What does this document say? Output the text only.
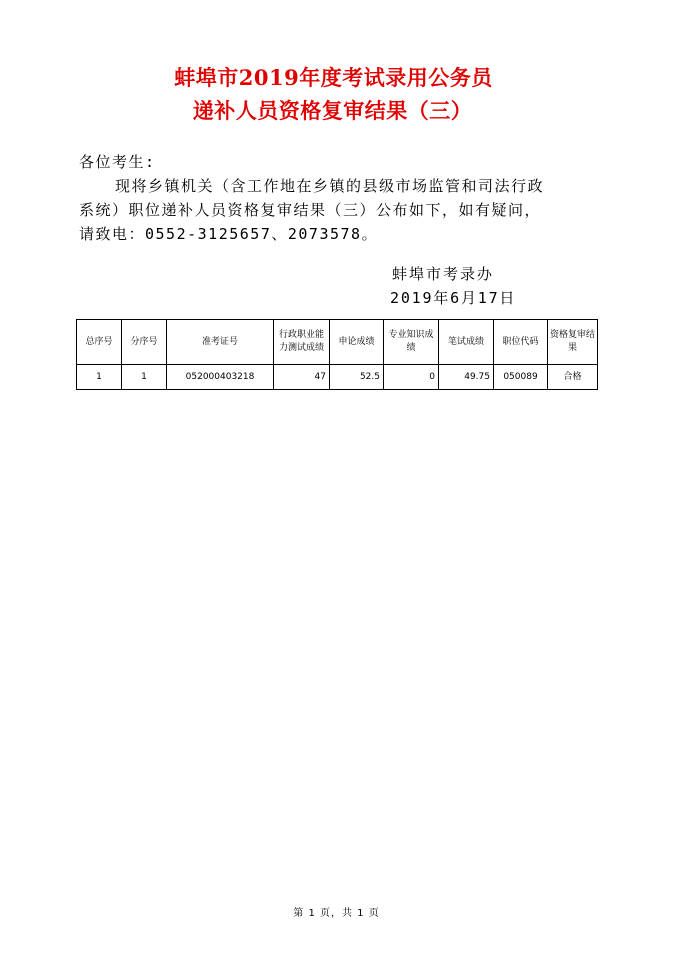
蚌埠市2019年度考试录用公务员
递补人员资格复审结果（三）
各位考生:
现将乡镇机关（含工作地在乡镇的县级市场监管和司法行政
系统）职位递补人员资格复审结果（三）公布如下，如有疑问，
请致电：0552-3125657、2073578。
蚌埠市考录办
2019年6月17日
总序号	分序号	准考证号	行政职业能力测试成绩	申论成绩	专业知识成绩	笔试成绩	职位代码	资格复审结果
1	1	052000403218	47	52.5	0	49.75	050089	合格
第 1 页，共 1 页
